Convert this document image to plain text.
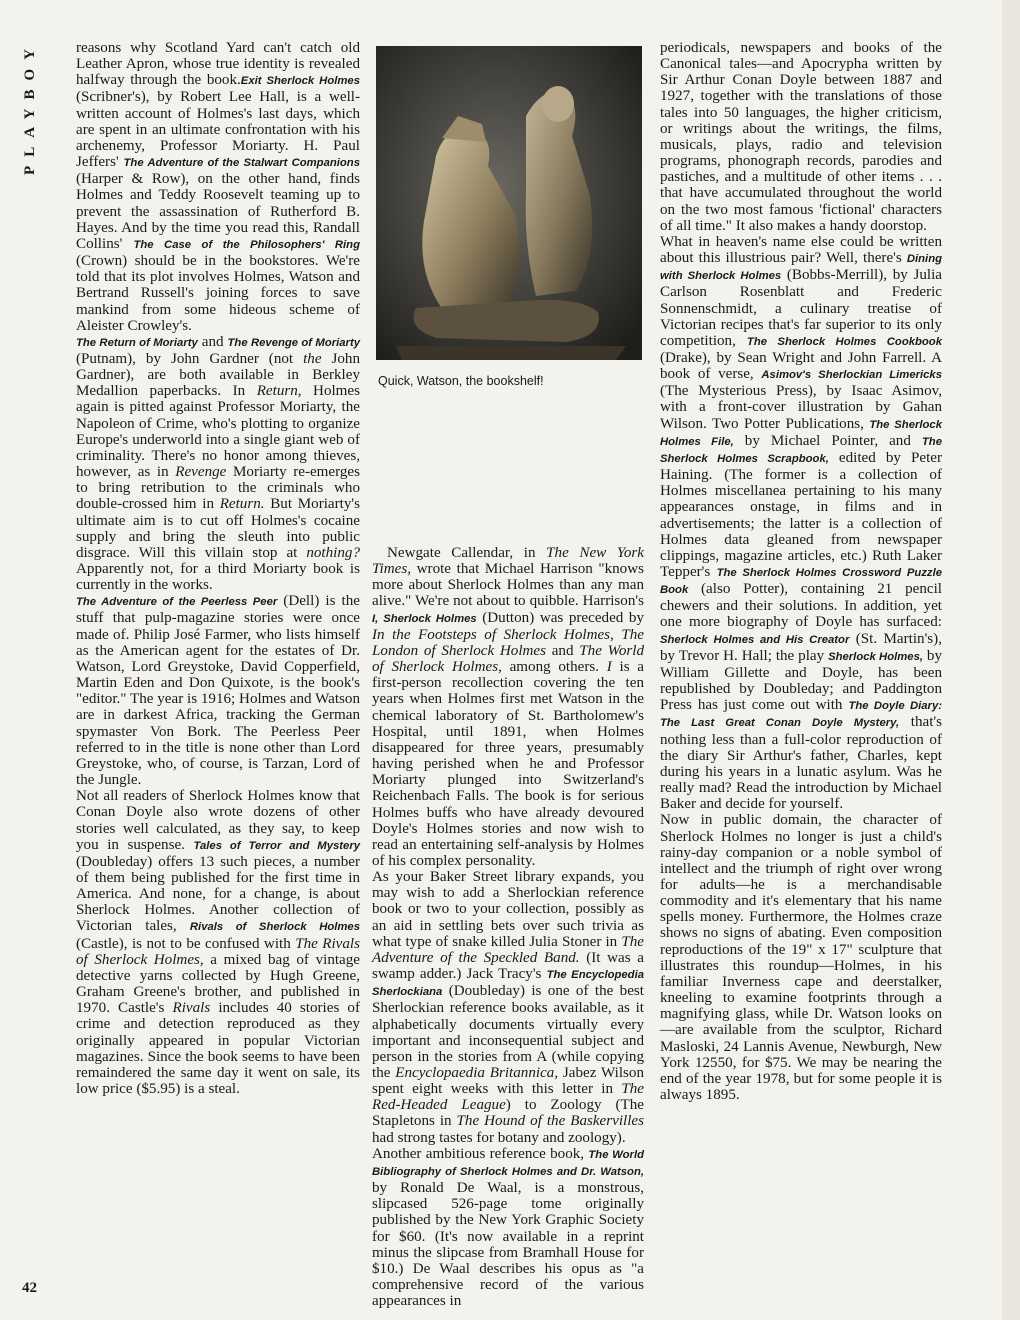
PLAYBOY
42
Quick, Watson, the bookshelf!

reasons why Scotland Yard can't catch old Leather Apron, whose true identity is revealed halfway through the book.Exit Sherlock Holmes (Scribner's), by Robert Lee Hall, is a well-written account of Holmes's last days, which are spent in an ultimate confrontation with his archenemy, Professor Moriarty. H. Paul Jeffers' The Adventure of the Stalwart Companions (Harper & Row), on the other hand, finds Holmes and Teddy Roosevelt teaming up to prevent the assassination of Rutherford B. Hayes. And by the time you read this, Randall Collins' The Case of the Philosophers' Ring (Crown) should be in the bookstores. We're told that its plot involves Holmes, Watson and Bertrand Russell's joining forces to save mankind from some hideous scheme of Aleister Crowley's.

The Return of Moriarty and The Revenge of Moriarty (Putnam), by John Gardner (not the John Gardner), are both available in Berkley Medallion paperbacks. In Return, Holmes again is pitted against Professor Moriarty, the Napoleon of Crime, who's plotting to organize Europe's underworld into a single giant web of criminality. There's no honor among thieves, however, as in Revenge Moriarty re-emerges to bring retribution to the criminals who double-crossed him in Return. But Moriarty's ultimate aim is to cut off Holmes's cocaine supply and bring the sleuth into public disgrace. Will this villain stop at nothing? Apparently not, for a third Moriarty book is currently in the works.

The Adventure of the Peerless Peer (Dell) is the stuff that pulp-magazine stories were once made of. Philip José Farmer, who lists himself as the American agent for the estates of Dr. Watson, Lord Greystoke, David Copperfield, Martin Eden and Don Quixote, is the book's "editor." The year is 1916; Holmes and Watson are in darkest Africa, tracking the German spymaster Von Bork. The Peerless Peer referred to in the title is none other than Lord Greystoke, who, of course, is Tarzan, Lord of the Jungle.

Not all readers of Sherlock Holmes know that Conan Doyle also wrote dozens of other stories well calculated, as they say, to keep you in suspense. Tales of Terror and Mystery (Doubleday) offers 13 such pieces, a number of them being published for the first time in America. And none, for a change, is about Sherlock Holmes. Another collection of Victorian tales, Rivals of Sherlock Holmes (Castle), is not to be confused with The Rivals of Sherlock Holmes, a mixed bag of vintage detective yarns collected by Hugh Greene, Graham Greene's brother, and published in 1970. Castle's Rivals includes 40 stories of crime and detection reproduced as they originally appeared in popular Victorian magazines. Since the book seems to have been remaindered the same day it went on sale, its low price ($5.95) is a steal.

Newgate Callendar, in The New York Times, wrote that Michael Harrison "knows more about Sherlock Holmes than any man alive." We're not about to quibble. Harrison's I, Sherlock Holmes (Dutton) was preceded by In the Footsteps of Sherlock Holmes, The London of Sherlock Holmes and The World of Sherlock Holmes, among others. I is a first-person recollection covering the ten years when Holmes first met Watson in the chemical laboratory of St. Bartholomew's Hospital, until 1891, when Holmes disappeared for three years, presumably having perished when he and Professor Moriarty plunged into Switzerland's Reichenbach Falls. The book is for serious Holmes buffs who have already devoured Doyle's Holmes stories and now wish to read an entertaining self-analysis by Holmes of his complex personality.

As your Baker Street library expands, you may wish to add a Sherlockian reference book or two to your collection, possibly as an aid in settling bets over such trivia as what type of snake killed Julia Stoner in The Adventure of the Speckled Band. (It was a swamp adder.) Jack Tracy's The Encyclopedia Sherlockiana (Doubleday) is one of the best Sherlockian reference books available, as it alphabetically documents virtually every important and inconsequential subject and person in the stories from A (while copying the Encyclopaedia Britannica, Jabez Wilson spent eight weeks with this letter in The Red-Headed League) to Zoology (The Stapletons in The Hound of the Baskervilles had strong tastes for botany and zoology).

Another ambitious reference book, The World Bibliography of Sherlock Holmes and Dr. Watson, by Ronald De Waal, is a monstrous, slipcased 526-page tome originally published by the New York Graphic Society for $60. (It's now available in a reprint minus the slipcase from Bramhall House for $10.) De Waal describes his opus as "a comprehensive record of the various appearances in

periodicals, newspapers and books of the Canonical tales—and Apocrypha written by Sir Arthur Conan Doyle between 1887 and 1927, together with the translations of those tales into 50 languages, the higher criticism, or writings about the writings, the films, musicals, plays, radio and television programs, phonograph records, parodies and pastiches, and a multitude of other items . . . that have accumulated throughout the world on the two most famous 'fictional' characters of all time." It also makes a handy doorstop.

What in heaven's name else could be written about this illustrious pair? Well, there's Dining with Sherlock Holmes (Bobbs-Merrill), by Julia Carlson Rosenblatt and Frederic Sonnenschmidt, a culinary treatise of Victorian recipes that's far superior to its only competition, The Sherlock Holmes Cookbook (Drake), by Sean Wright and John Farrell. A book of verse, Asimov's Sherlockian Limericks (The Mysterious Press), by Isaac Asimov, with a front-cover illustration by Gahan Wilson. Two Potter Publications, The Sherlock Holmes File, by Michael Pointer, and The Sherlock Holmes Scrapbook, edited by Peter Haining. (The former is a collection of Holmes miscellanea pertaining to his many appearances onstage, in films and in advertisements; the latter is a collection of Holmes data gleaned from newspaper clippings, magazine articles, etc.) Ruth Laker Tepper's The Sherlock Holmes Crossword Puzzle Book (also Potter), containing 21 pencil chewers and their solutions. In addition, yet one more biography of Doyle has surfaced: Sherlock Holmes and His Creator (St. Martin's), by Trevor H. Hall; the play Sherlock Holmes, by William Gillette and Doyle, has been republished by Doubleday; and Paddington Press has just come out with The Doyle Diary: The Last Great Conan Doyle Mystery, that's nothing less than a full-color reproduction of the diary Sir Arthur's father, Charles, kept during his years in a lunatic asylum. Was he really mad? Read the introduction by Michael Baker and decide for yourself.

Now in public domain, the character of Sherlock Holmes no longer is just a child's rainy-day companion or a noble symbol of intellect and the triumph of right over wrong for adults—he is a merchandisable commodity and it's elementary that his name spells money. Furthermore, the Holmes craze shows no signs of abating. Even composition reproductions of the 19" x 17" sculpture that illustrates this roundup—Holmes, in his familiar Inverness cape and deerstalker, kneeling to examine footprints through a magnifying glass, while Dr. Watson looks on—are available from the sculptor, Richard Masloski, 24 Lannis Avenue, Newburgh, New York 12550, for $75. We may be nearing the end of the year 1978, but for some people it is always 1895.
